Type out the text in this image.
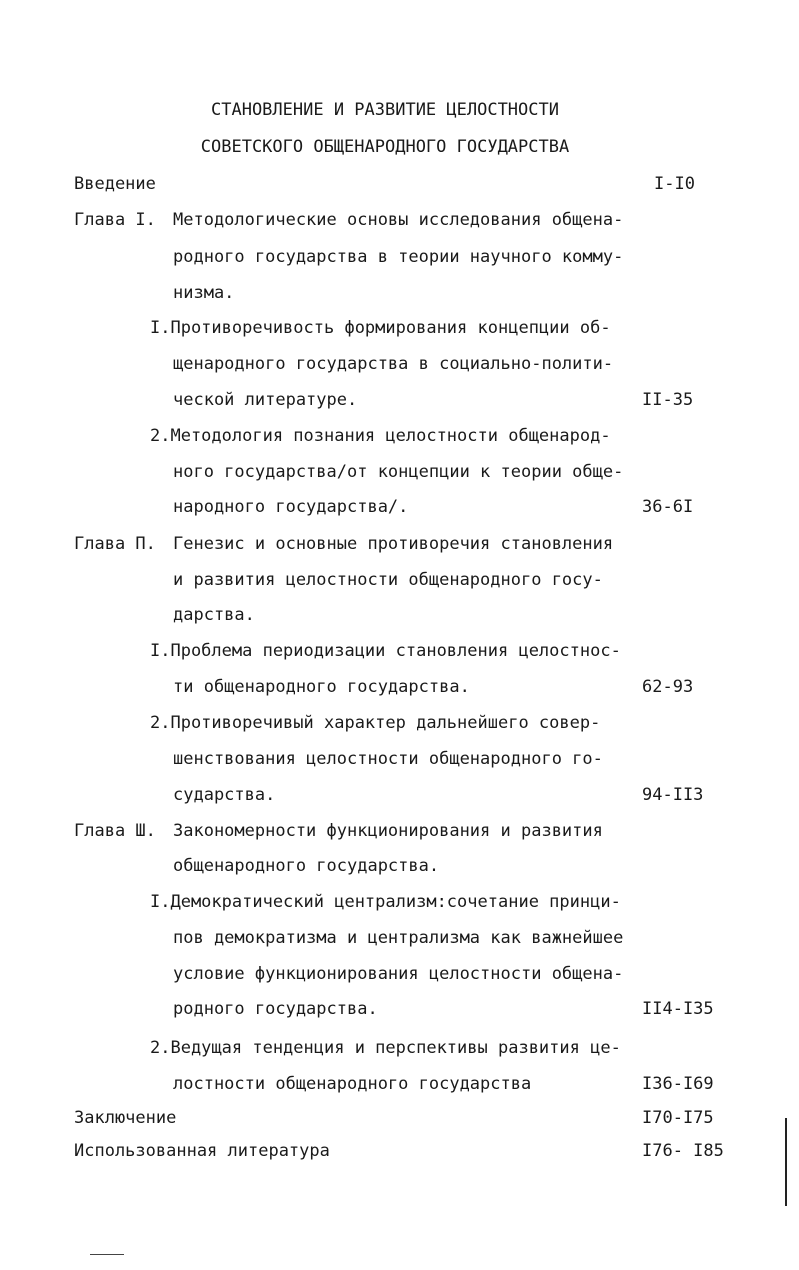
СТАНОВЛЕНИЕ И РАЗВИТИЕ ЦЕЛОСТНОСТИ
СОВЕТСКОГО ОБЩЕНАРОДНОГО ГОСУДАРСТВА
Введение	I-I0
Глава I. Методологические основы исследования общена-
родного государства в теории научного комму-
низма.
I.Противоречивость формирования концепции об-
щенародного государства в социально-полити-
ческой литературе.	II-35
2.Методология познания целостности общенарод-
ного государства/от концепции к теории обще-
народного государства/.	36-6I
Глава П. Генезис и основные противоречия становления
и развития целостности общенародного госу-
дарства.
I.Проблема периодизации становления целостнос-
ти общенародного государства.	62-93
2.Противоречивый характер дальнейшего совер-
шенствования целостности общенародного го-
сударства.	94-II3
Глава Ш. Закономерности функционирования и развития
общенародного государства.
I.Демократический централизм:сочетание принци-
пов демократизма и централизма как важнейшее
условие функционирования целостности общена-
родного государства.	II4-I35
2.Ведущая тенденция и перспективы развития це-
лостности общенародного государства	I36-I69
Заключение	I70-I75
Использованная литература	I76- I85
